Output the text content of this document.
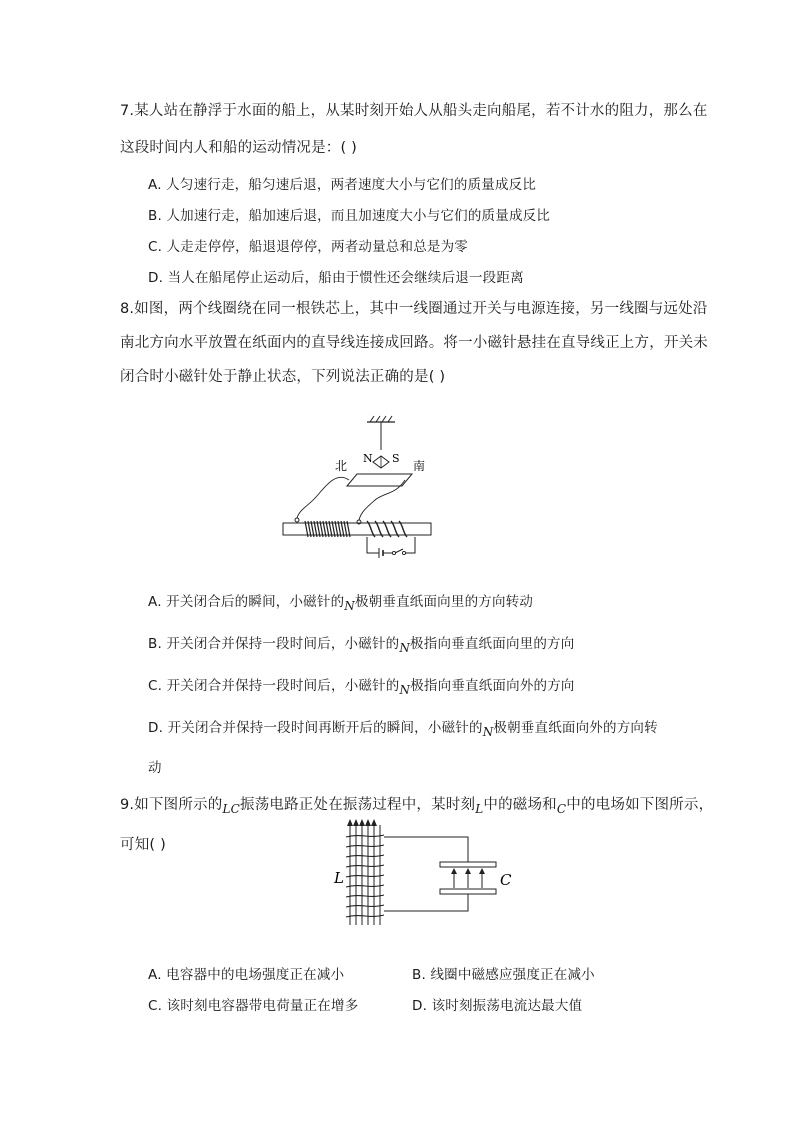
7.某人站在静浮于水面的船上，从某时刻开始人从船头走向船尾，若不计水的阻力，那么在
这段时间内人和船的运动情况是：( )
A. 人匀速行走，船匀速后退，两者速度大小与它们的质量成反比
B. 人加速行走，船加速后退，而且加速度大小与它们的质量成反比
C. 人走走停停，船退退停停，两者动量总和总是为零
D. 当人在船尾停止运动后，船由于惯性还会继续后退一段距离
8.如图，两个线圈绕在同一根铁芯上，其中一线圈通过开关与电源连接，另一线圈与远处沿
南北方向水平放置在纸面内的直导线连接成回路。将一小磁针悬挂在直导线正上方，开关未
闭合时小磁针处于静止状态，下列说法正确的是( )
N S
北	南
A. 开关闭合后的瞬间，小磁针的N极朝垂直纸面向里的方向转动
B. 开关闭合并保持一段时间后，小磁针的N极指向垂直纸面向里的方向
C. 开关闭合并保持一段时间后，小磁针的N极指向垂直纸面向外的方向
D. 开关闭合并保持一段时间再断开后的瞬间，小磁针的N极朝垂直纸面向外的方向转
动
9.如下图所示的$_{LC}$振荡电路正处在振荡过程中，某时刻$_L$中的磁场和$_C$中的电场如下图所示，
可知( )
L	C
A. 电容器中的电场强度正在减小	B. 线圈中磁感应强度正在减小
C. 该时刻电容器带电荷量正在增多	D. 该时刻振荡电流达最大值
